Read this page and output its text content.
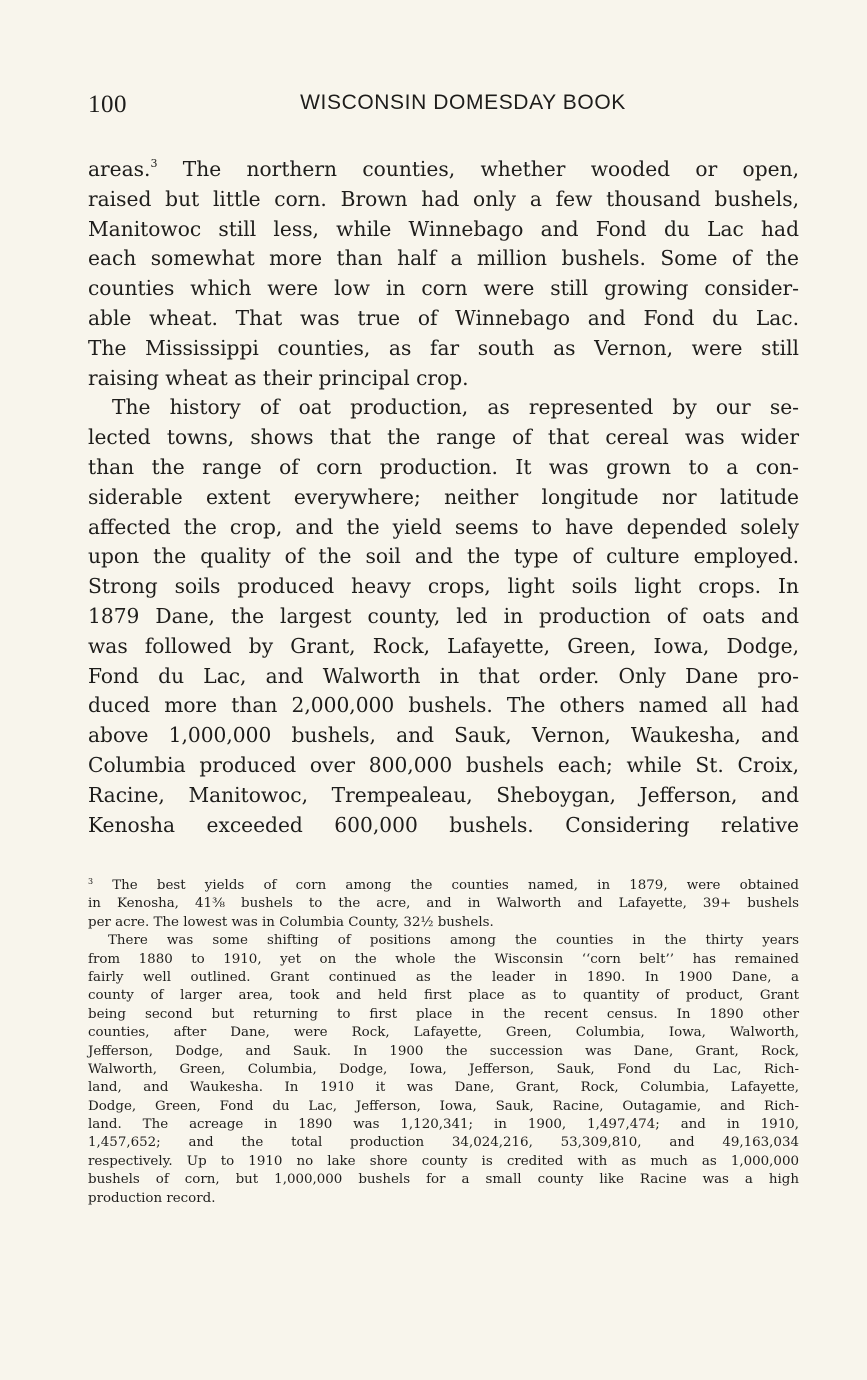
100	WISCONSIN DOMESDAY BOOK
areas.$^3$ The northern counties, whether wooded or open,
raised but little corn. Brown had only a few thousand bushels,
Manitowoc still less, while Winnebago and Fond du Lac had
each somewhat more than half a million bushels. Some of the
counties which were low in corn were still growing consider-
able wheat. That was true of Winnebago and Fond du Lac.
The Mississippi counties, as far south as Vernon, were still
raising wheat as their principal crop.
The history of oat production, as represented by our se-
lected towns, shows that the range of that cereal was wider
than the range of corn production. It was grown to a con-
siderable extent everywhere; neither longitude nor latitude
affected the crop, and the yield seems to have depended solely
upon the quality of the soil and the type of culture employed.
Strong soils produced heavy crops, light soils light crops. In
1879 Dane, the largest county, led in production of oats and
was followed by Grant, Rock, Lafayette, Green, Iowa, Dodge,
Fond du Lac, and Walworth in that order. Only Dane pro-
duced more than 2,000,000 bushels. The others named all had
above 1,000,000 bushels, and Sauk, Vernon, Waukesha, and
Columbia produced over 800,000 bushels each; while St. Croix,
Racine, Manitowoc, Trempealeau, Sheboygan, Jefferson, and
Kenosha exceeded 600,000 bushels. Considering relative
$^3$ The best yields of corn among the counties named, in 1879, were obtained
in Kenosha, 41⅜ bushels to the acre, and in Walworth and Lafayette, 39+ bushels
per acre. The lowest was in Columbia County, 32½ bushels.
There was some shifting of positions among the counties in the thirty years
from 1880 to 1910, yet on the whole the Wisconsin ‘‘corn belt’’ has remained
fairly well outlined. Grant continued as the leader in 1890. In 1900 Dane, a
county of larger area, took and held first place as to quantity of product, Grant
being second but returning to first place in the recent census. In 1890 other
counties, after Dane, were Rock, Lafayette, Green, Columbia, Iowa, Walworth,
Jefferson, Dodge, and Sauk. In 1900 the succession was Dane, Grant, Rock,
Walworth, Green, Columbia, Dodge, Iowa, Jefferson, Sauk, Fond du Lac, Rich-
land, and Waukesha. In 1910 it was Dane, Grant, Rock, Columbia, Lafayette,
Dodge, Green, Fond du Lac, Jefferson, Iowa, Sauk, Racine, Outagamie, and Rich-
land. The acreage in 1890 was 1,120,341; in 1900, 1,497,474; and in 1910,
1,457,652; and the total production 34,024,216, 53,309,810, and 49,163,034
respectively. Up to 1910 no lake shore county is credited with as much as 1,000,000
bushels of corn, but 1,000,000 bushels for a small county like Racine was a high
production record.
